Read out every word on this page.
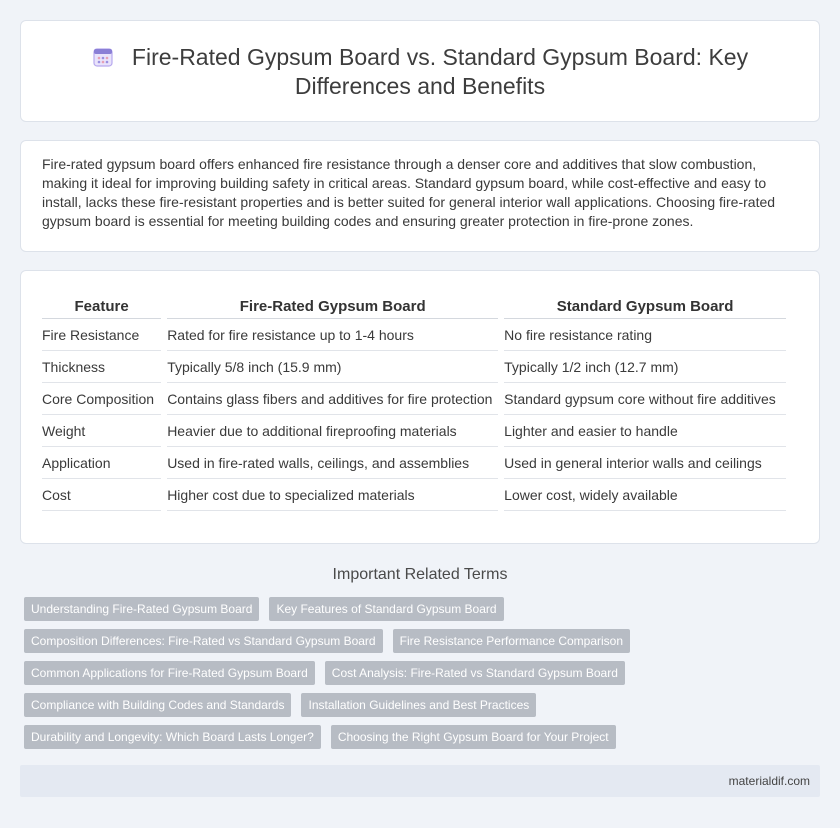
Fire-Rated Gypsum Board vs. Standard Gypsum Board: Key Differences and Benefits

Fire-rated gypsum board offers enhanced fire resistance through a denser core and additives that slow combustion, making it ideal for improving building safety in critical areas. Standard gypsum board, while cost-effective and easy to install, lacks these fire-resistant properties and is better suited for general interior wall applications. Choosing fire-rated gypsum board is essential for meeting building codes and ensuring greater protection in fire-prone zones.

Feature	Fire-Rated Gypsum Board	Standard Gypsum Board
Fire Resistance	Rated for fire resistance up to 1-4 hours	No fire resistance rating
Thickness	Typically 5/8 inch (15.9 mm)	Typically 1/2 inch (12.7 mm)
Core Composition	Contains glass fibers and additives for fire protection	Standard gypsum core without fire additives
Weight	Heavier due to additional fireproofing materials	Lighter and easier to handle
Application	Used in fire-rated walls, ceilings, and assemblies	Used in general interior walls and ceilings
Cost	Higher cost due to specialized materials	Lower cost, widely available
Important Related Terms
Understanding Fire-Rated Gypsum Board Key Features of Standard Gypsum Board
Composition Differences: Fire-Rated vs Standard Gypsum Board Fire Resistance Performance Comparison
Common Applications for Fire-Rated Gypsum Board Cost Analysis: Fire-Rated vs Standard Gypsum Board
Compliance with Building Codes and Standards Installation Guidelines and Best Practices
Durability and Longevity: Which Board Lasts Longer? Choosing the Right Gypsum Board for Your Project
materialdif.com
